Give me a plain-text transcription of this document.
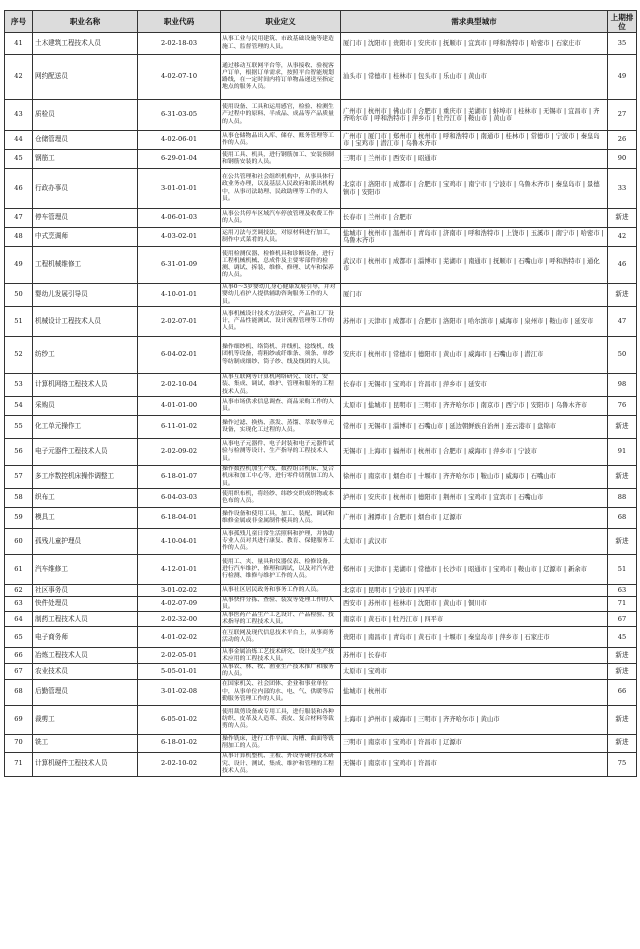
序号	职业名称	职业代码	职业定义	需求典型城市	上期排位
41	土木建筑工程技术人员	2-02-18-03	从事工业与民用建筑、市政基础设施等建造施工、监督管理的人员。	厦门市 | 沈阳市 | 贵阳市 | 安庆市 | 抚顺市 | 宜宾市 | 呼和浩特市 | 哈密市 | 石家庄市	35
42	网约配送员	4-02-07-10	通过移动互联网平台等，从事接收、验视客户订单，根据订单需求，按照平台智能规划路线，在一定时间内将订单物品递送至指定地点的服务人员。	汕头市 | 常德市 | 桂林市 | 包头市 | 乐山市 | 黄山市	49
43	质检员	6-31-03-05	使用设备、工具和运用感官，检验、检测生产过程中的原料、半成品、成品等产品质量的人员。	广州市 | 杭州市 | 佛山市 | 合肥市 | 重庆市 | 芜湖市 | 蚌埠市 | 桂林市 | 无锡市 | 宜昌市 | 齐齐哈尔市 | 呼和浩特市 | 萍乡市 | 牡丹江市 | 鞍山市 | 黄山市	27
44	仓储管理员	4-02-06-01	从事仓储物品出入库、储存、账务管理等工作的人员。	广州市 | 厦门市 | 郑州市 | 杭州市 | 呼和浩特市 | 南通市 | 桂林市 | 常德市 | 宁波市 | 秦皇岛市 | 宝鸡市 | 潜江市 | 乌鲁木齐市	26
45	钢筋工	6-29-01-04	使用工具、机具，进行钢筋加工、安装预制和钢筋安装的人员。	三明市 | 兰州市 | 西安市 | 昭通市	90
46	行政办事员	3-01-01-01	在公共管理和社会组织机构中，从事具体行政业务办理，以及基层人民政府和派出机构中，从事司法助理、民政助理等工作的人员。	北京市 | 洛阳市 | 成都市 | 合肥市 | 宝鸡市 | 南宁市 | 宁波市 | 乌鲁木齐市 | 秦皇岛市 | 景德镇市 | 安阳市	33
47	停车管理员	4-06-01-03	从事公共停车区域汽车停放管理及收费工作的人员。	长春市 | 兰州市 | 合肥市	新进
48	中式烹调师	4-03-02-01	运用刀法与烹调技法，对原材料进行加工，制作中式菜肴的人员。	盐城市 | 杭州市 | 温州市 | 青岛市 | 济南市 | 呼和浩特市 | 上饶市 | 玉溪市 | 南宁市 | 哈密市 | 乌鲁木齐市	42
49	工程机械维修工	6-31-01-09	使用检测仪器、检修机具和诊断设备，进行工程机械机械、总成件及主要零部件的检测、调试、拆装、维修、修理、试车和保养的人员。	武汉市 | 杭州市 | 成都市 | 淄博市 | 芜湖市 | 南通市 | 抚顺市 | 石嘴山市 | 呼和浩特市 | 通化市	46
50	婴幼儿发展引导员	4-10-01-01	从事0～3岁婴幼儿身心健康发展引导，并对婴幼儿看护人提供辅助咨询服务工作的人员。	厦门市	新进
51	机械设计工程技术人员	2-02-07-01	从事机械设计技术方法研究、产品和工厂设计，产品性能测试、设计流程管理等工作的人员。	苏州市 | 天津市 | 成都市 | 合肥市 | 洛阳市 | 哈尔滨市 | 威海市 | 泉州市 | 鞍山市 | 延安市	47
52	纺纱工	6-04-02-01	操作细纱机、络筒机、并线机、捻线机、线团机等设备，将粗纱或纤维条、须条、单纱等纺制成细纱、筒子纱、线及线团的人员。	安庆市 | 杭州市 | 常德市 | 德阳市 | 黄山市 | 威海市 | 石嘴山市 | 潜江市	50
53	计算机网络工程技术人员	2-02-10-04	从事互联网等计算机网络研究、设计、安装、集成、调试、维护、管理和服务的工程技术人员。	长春市 | 无锡市 | 宝鸡市 | 许昌市 | 萍乡市 | 延安市	98
54	采购员	4-01-01-00	从事市场供求信息调查、商品采购工作的人员。	太原市 | 盐城市 | 昆明市 | 三明市 | 齐齐哈尔市 | 南京市 | 西宁市 | 安阳市 | 乌鲁木齐市	76
55	化工单元操作工	6-11-01-02	操作过滤、换热、蒸发、蒸馏、萃取等单元设备，实现化工过程的人员。	常州市 | 无锡市 | 淄博市 | 石嘴山市 | 延边朝鲜族自治州 | 连云港市 | 盘锦市	新进
56	电子元器件工程技术人员	2-02-09-02	从事电子元器件、电子封装和电子元器件试验与检测等设计、生产指导的工程技术人员。	无锡市 | 上海市 | 福州市 | 杭州市 | 合肥市 | 威海市 | 萍乡市 | 宁波市	91
57	多工序数控机床操作调整工	6-18-01-07	操作数控机加生产线、数控组合机床、复合机床和加工中心等，进行零件切削加工的人员。	徐州市 | 南京市 | 烟台市 | 十堰市 | 齐齐哈尔市 | 鞍山市 | 威海市 | 石嘴山市	新进
58	织布工	6-04-03-03	使用织布机，将经纱、纬纱交织成织物或本色布的人员。	泸州市 | 安庆市 | 杭州市 | 德阳市 | 荆州市 | 宝鸡市 | 宜宾市 | 石嘴山市	88
59	模具工	6-18-04-01	操作设备和使用工具，加工、装配、调试和维修金属或非金属制件模具的人员。	广州市 | 湘潭市 | 合肥市 | 烟台市 | 辽源市	68
60	孤残儿童护理员	4-10-04-01	从事孤残儿童日常生活照料和护理，并协助专业人员对其进行康复、教育、保健服务工作的人员。	太原市 | 武汉市	新进
61	汽车维修工	4-12-01-01	使用工、夹、量具和仪器仪表、检修设备，进行汽车维护、修理和调试，以及对汽车进行检测、维修与维护工作的人员。	郑州市 | 天津市 | 芜湖市 | 常德市 | 长沙市 | 昭通市 | 宝鸡市 | 鞍山市 | 辽源市 | 新余市	51
62	社区事务员	3-01-02-02	从事社区居民政务和事务工作的人员。	北京市 | 昆明市 | 宁波市 | 四平市	63
63	快件处理员	4-02-07-09	从事快件分拣、查验、装发等处理工作的人员。	西安市 | 苏州市 | 桂林市 | 沈阳市 | 黄山市 | 铜川市	71
64	制药工程技术人员	2-02-32-00	从事医药产品生产工艺设计、产品检验、技术指导的工程技术人员。	南京市 | 黄石市 | 牡丹江市 | 四平市	67
65	电子商务师	4-01-02-02	在互联网及现代信息技术平台上，从事商务活动的人员。	贵阳市 | 南昌市 | 青岛市 | 黄石市 | 十堰市 | 秦皇岛市 | 萍乡市 | 石家庄市	45
66	冶炼工程技术人员	2-02-05-01	从事金属冶炼工艺技术研究、设计及生产技术应用的工程技术人员。	苏州市 | 长春市	新进
67	农业技术员	5-05-01-01	从事农、林、牧、渔业生产技术推广和服务的人员。	太原市 | 宝鸡市	新进
68	后勤管理员	3-01-02-08	在国家机关、社会团体、企业和事业单位中，从事单位内部的水、电、气、供暖等后勤服务管理工作的人员。	盐城市 | 杭州市	66
69	裁剪工	6-05-01-02	使用裁剪设备或专用工具，进行服装和各种纺织、皮革及人造革、裘皮、复合材料等裁剪的人员。	上海市 | 泸州市 | 威海市 | 三明市 | 齐齐哈尔市 | 黄山市	新进
70	铣工	6-18-01-02	操作铣床，进行工件平面、沟槽、曲面等铣削加工的人员。	三明市 | 南京市 | 宝鸡市 | 许昌市 | 辽源市	新进
71	计算机硬件工程技术人员	2-02-10-02	从事计算机整机、主板、外设等硬件技术研究、设计、测试、集成、维护和管理的工程技术人员。	无锡市 | 南京市 | 宝鸡市 | 许昌市	75
